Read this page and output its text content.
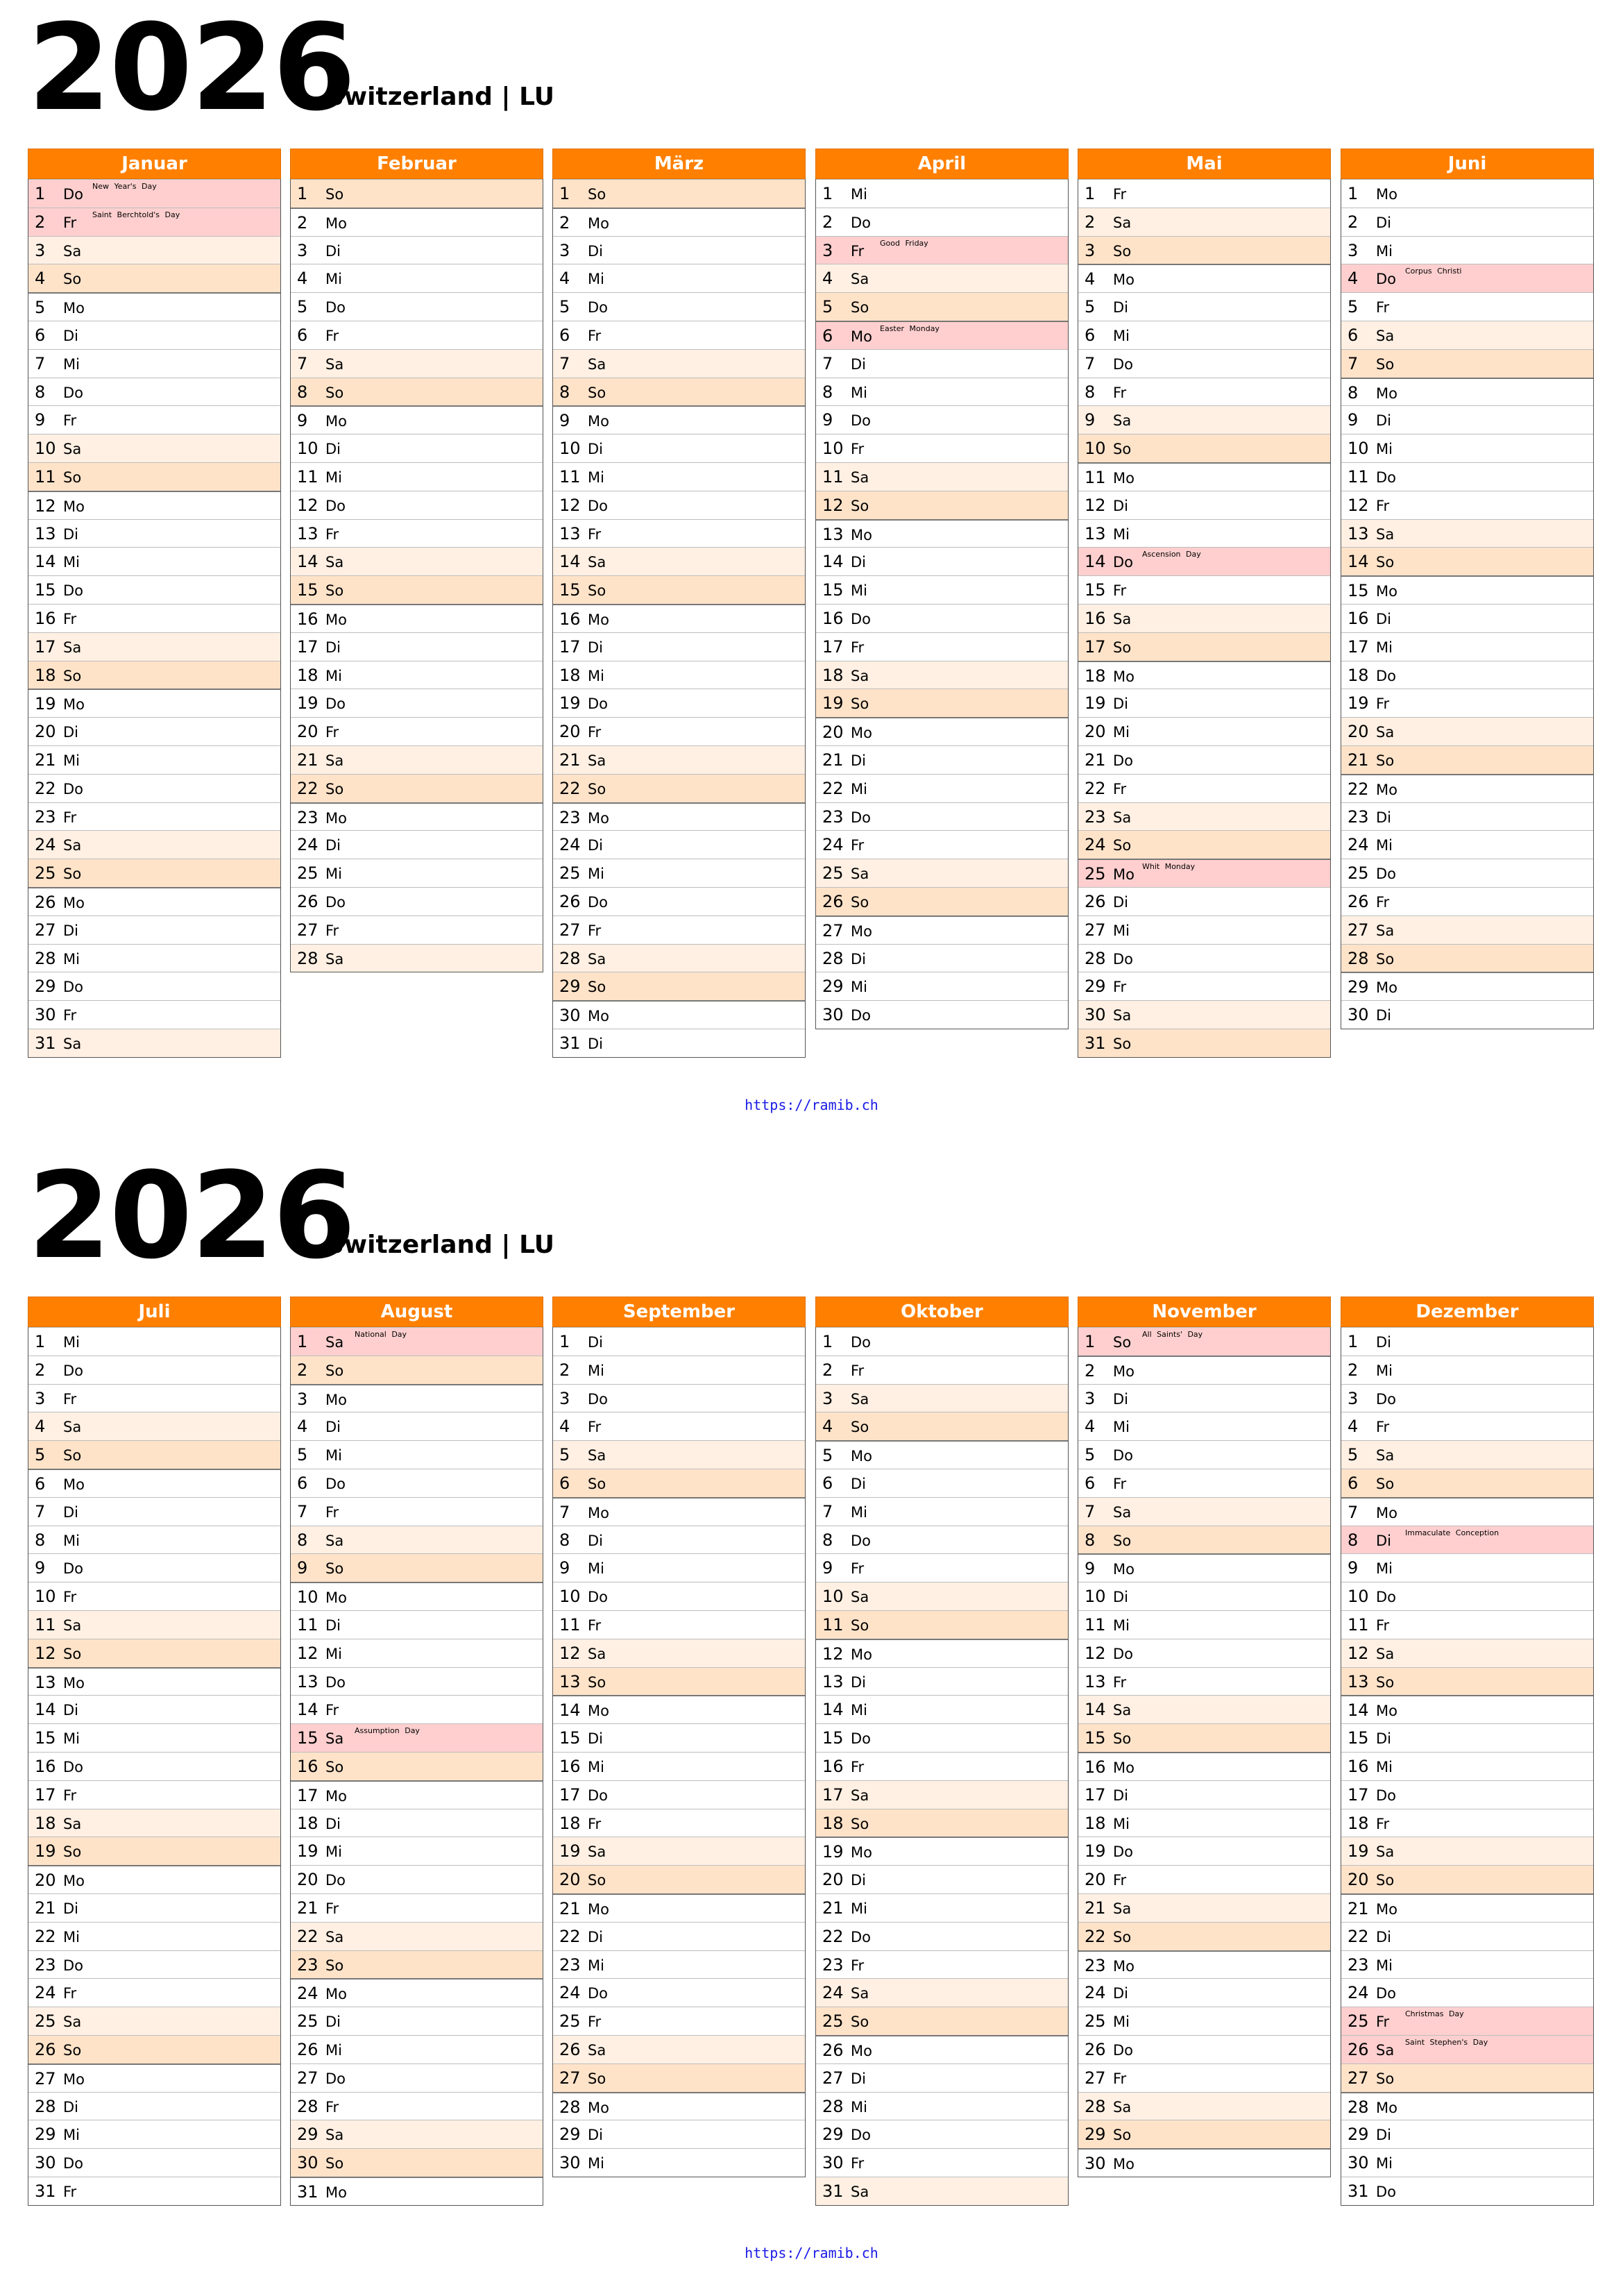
2026
Switzerland | LU
Januar
1 Do New Year's Day
2 Fr Saint Berchtold's Day
3 Sa
4 So
5 Mo
6 Di
7 Mi
8 Do
9 Fr
10 Sa
11 So
12 Mo
13 Di
14 Mi
15 Do
16 Fr
17 Sa
18 So
19 Mo
20 Di
21 Mi
22 Do
23 Fr
24 Sa
25 So
26 Mo
27 Di
28 Mi
29 Do
30 Fr
31 Sa
Februar
1 So
2 Mo
3 Di
4 Mi
5 Do
6 Fr
7 Sa
8 So
9 Mo
10 Di
11 Mi
12 Do
13 Fr
14 Sa
15 So
16 Mo
17 Di
18 Mi
19 Do
20 Fr
21 Sa
22 So
23 Mo
24 Di
25 Mi
26 Do
27 Fr
28 Sa
März
1 So
2 Mo
3 Di
4 Mi
5 Do
6 Fr
7 Sa
8 So
9 Mo
10 Di
11 Mi
12 Do
13 Fr
14 Sa
15 So
16 Mo
17 Di
18 Mi
19 Do
20 Fr
21 Sa
22 So
23 Mo
24 Di
25 Mi
26 Do
27 Fr
28 Sa
29 So
30 Mo
31 Di
April
1 Mi
2 Do
3 Fr Good Friday
4 Sa
5 So
6 Mo Easter Monday
7 Di
8 Mi
9 Do
10 Fr
11 Sa
12 So
13 Mo
14 Di
15 Mi
16 Do
17 Fr
18 Sa
19 So
20 Mo
21 Di
22 Mi
23 Do
24 Fr
25 Sa
26 So
27 Mo
28 Di
29 Mi
30 Do
Mai
1 Fr
2 Sa
3 So
4 Mo
5 Di
6 Mi
7 Do
8 Fr
9 Sa
10 So
11 Mo
12 Di
13 Mi
14 Do Ascension Day
15 Fr
16 Sa
17 So
18 Mo
19 Di
20 Mi
21 Do
22 Fr
23 Sa
24 So
25 Mo Whit Monday
26 Di
27 Mi
28 Do
29 Fr
30 Sa
31 So
Juni
1 Mo
2 Di
3 Mi
4 Do Corpus Christi
5 Fr
6 Sa
7 So
8 Mo
9 Di
10 Mi
11 Do
12 Fr
13 Sa
14 So
15 Mo
16 Di
17 Mi
18 Do
19 Fr
20 Sa
21 So
22 Mo
23 Di
24 Mi
25 Do
26 Fr
27 Sa
28 So
29 Mo
30 Di
https://ramib.ch
2026
Switzerland | LU
Juli
1 Mi
2 Do
3 Fr
4 Sa
5 So
6 Mo
7 Di
8 Mi
9 Do
10 Fr
11 Sa
12 So
13 Mo
14 Di
15 Mi
16 Do
17 Fr
18 Sa
19 So
20 Mo
21 Di
22 Mi
23 Do
24 Fr
25 Sa
26 So
27 Mo
28 Di
29 Mi
30 Do
31 Fr
August
1 Sa National Day
2 So
3 Mo
4 Di
5 Mi
6 Do
7 Fr
8 Sa
9 So
10 Mo
11 Di
12 Mi
13 Do
14 Fr
15 Sa Assumption Day
16 So
17 Mo
18 Di
19 Mi
20 Do
21 Fr
22 Sa
23 So
24 Mo
25 Di
26 Mi
27 Do
28 Fr
29 Sa
30 So
31 Mo
September
1 Di
2 Mi
3 Do
4 Fr
5 Sa
6 So
7 Mo
8 Di
9 Mi
10 Do
11 Fr
12 Sa
13 So
14 Mo
15 Di
16 Mi
17 Do
18 Fr
19 Sa
20 So
21 Mo
22 Di
23 Mi
24 Do
25 Fr
26 Sa
27 So
28 Mo
29 Di
30 Mi
Oktober
1 Do
2 Fr
3 Sa
4 So
5 Mo
6 Di
7 Mi
8 Do
9 Fr
10 Sa
11 So
12 Mo
13 Di
14 Mi
15 Do
16 Fr
17 Sa
18 So
19 Mo
20 Di
21 Mi
22 Do
23 Fr
24 Sa
25 So
26 Mo
27 Di
28 Mi
29 Do
30 Fr
31 Sa
November
1 So All Saints' Day
2 Mo
3 Di
4 Mi
5 Do
6 Fr
7 Sa
8 So
9 Mo
10 Di
11 Mi
12 Do
13 Fr
14 Sa
15 So
16 Mo
17 Di
18 Mi
19 Do
20 Fr
21 Sa
22 So
23 Mo
24 Di
25 Mi
26 Do
27 Fr
28 Sa
29 So
30 Mo
Dezember
1 Di
2 Mi
3 Do
4 Fr
5 Sa
6 So
7 Mo
8 Di Immaculate Conception
9 Mi
10 Do
11 Fr
12 Sa
13 So
14 Mo
15 Di
16 Mi
17 Do
18 Fr
19 Sa
20 So
21 Mo
22 Di
23 Mi
24 Do
25 Fr Christmas Day
26 Sa Saint Stephen's Day
27 So
28 Mo
29 Di
30 Mi
31 Do
https://ramib.ch
